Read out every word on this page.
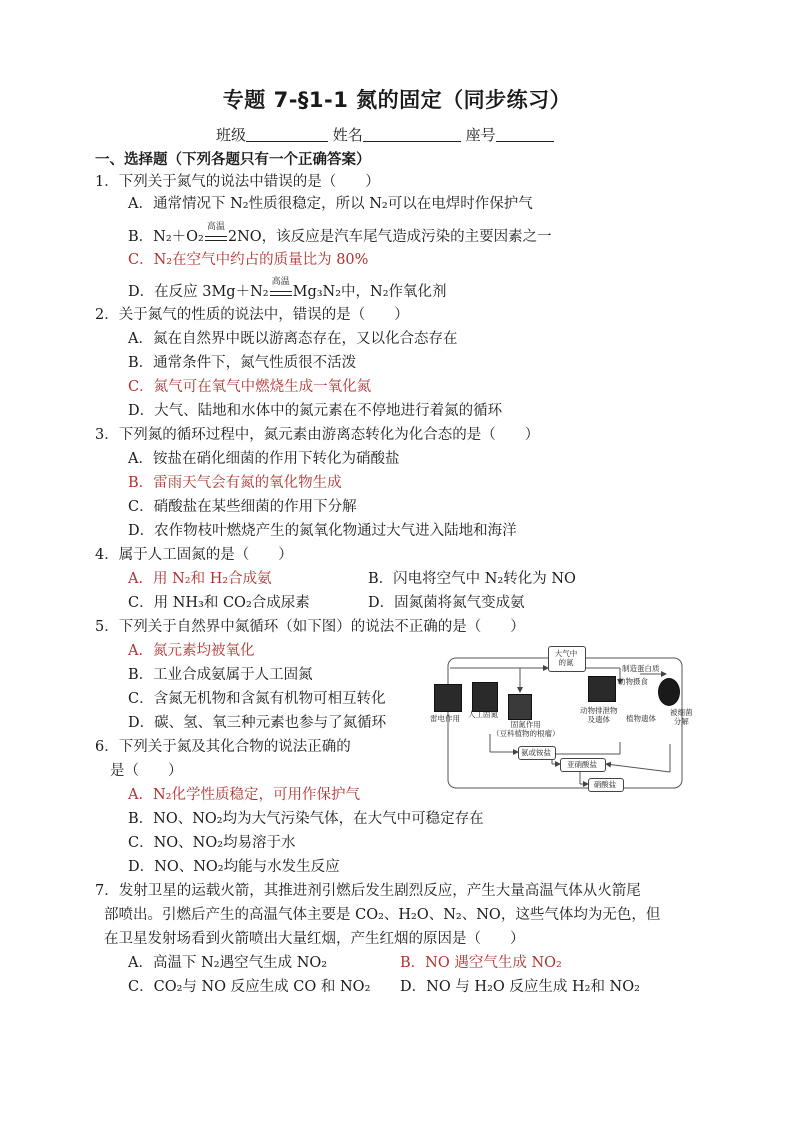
专题 7-§1-1 氮的固定（同步练习）
班级	姓名	座号
一、选择题（下列各题只有一个正确答案）
1．下列关于氮气的说法中错误的是（　　）
A．通常情况下 N₂性质很稳定，所以 N₂可以在电焊时作保护气
B．N₂＋O₂
高温
2NO，该反应是汽车尾气造成污染的主要因素之一
C．N₂在空气中约占的质量比为 80%
D．在反应 3Mg＋N₂
高温
Mg₃N₂中，N₂作氧化剂
2．关于氮气的性质的说法中，错误的是（　　）
A．氮在自然界中既以游离态存在，又以化合态存在
B．通常条件下，氮气性质很不活泼
C．氮气可在氧气中燃烧生成一氧化氮
D．大气、陆地和水体中的氮元素在不停地进行着氮的循环
3．下列氮的循环过程中，氮元素由游离态转化为化合态的是（　　）
A．铵盐在硝化细菌的作用下转化为硝酸盐
B．雷雨天气会有氮的氧化物生成
C．硝酸盐在某些细菌的作用下分解
D．农作物枝叶燃烧产生的氮氧化物通过大气进入陆地和海洋
4．属于人工固氮的是（　　）
A．用 N₂和 H₂合成氨	B．闪电将空气中 N₂转化为 NO
C．用 NH₃和 CO₂合成尿素	D．固氮菌将氮气变成氨
5．下列关于自然界中氮循环（如下图）的说法不正确的是（　　）
A．氮元素均被氧化
B．工业合成氨属于人工固氮
C．含氮无机物和含氮有机物可相互转化
D．碳、氢、氧三种元素也参与了氮循环
大气中
的氮
制造蛋白质
动物摄食
雷电作用 人工固氮
固氮作用
（豆科植物的根瘤）
动物排泄物
及遗体	植物遗体
被细菌
分解
氨或铵盐
亚硝酸盐
硝酸盐
6．下列关于氮及其化合物的说法正确的
是（　　）
A．N₂化学性质稳定，可用作保护气
B．NO、NO₂均为大气污染气体，在大气中可稳定存在
C．NO、NO₂均易溶于水
D．NO、NO₂均能与水发生反应
7．发射卫星的运载火箭，其推进剂引燃后发生剧烈反应，产生大量高温气体从火箭尾
部喷出。引燃后产生的高温气体主要是 CO₂、H₂O、N₂、NO，这些气体均为无色，但
在卫星发射场看到火箭喷出大量红烟，产生红烟的原因是（　　）
A．高温下 N₂遇空气生成 NO₂	B．NO 遇空气生成 NO₂
C．CO₂与 NO 反应生成 CO 和 NO₂ D．NO 与 H₂O 反应生成 H₂和 NO₂
